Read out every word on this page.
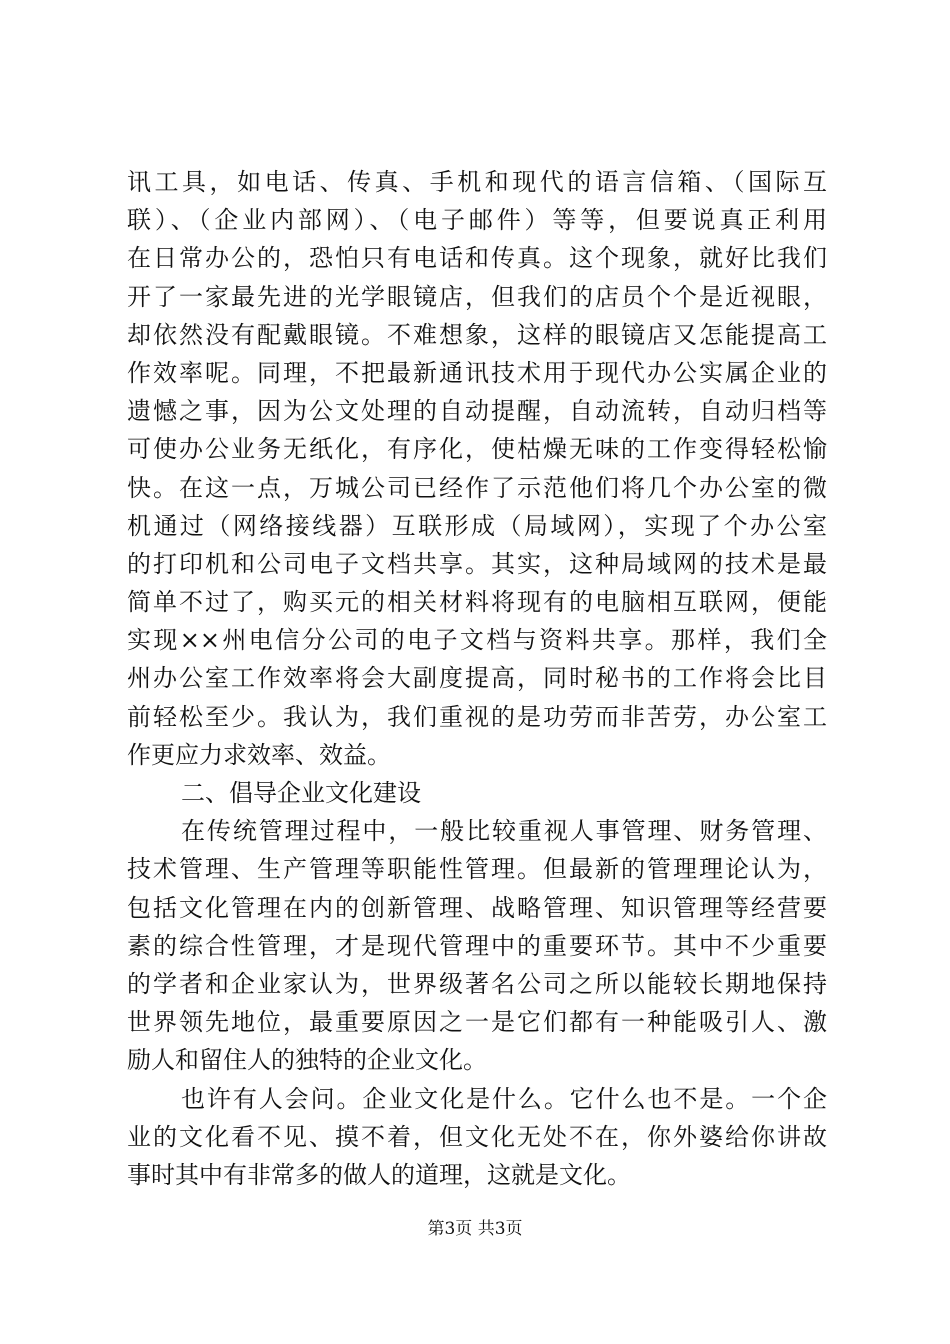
讯工具，如电话、传真、手机和现代的语言信箱、（国际互
联）、（企业内部网）、（电子邮件）等等，但要说真正利用
在日常办公的，恐怕只有电话和传真。这个现象，就好比我们
开了一家最先进的光学眼镜店，但我们的店员个个是近视眼，
却依然没有配戴眼镜。不难想象，这样的眼镜店又怎能提高工
作效率呢。同理，不把最新通讯技术用于现代办公实属企业的
遗憾之事，因为公文处理的自动提醒，自动流转，自动归档等
可使办公业务无纸化，有序化，使枯燥无味的工作变得轻松愉
快。在这一点，万城公司已经作了示范他们将几个办公室的微
机通过（网络接线器）互联形成（局域网），实现了个办公室
的打印机和公司电子文档共享。其实，这种局域网的技术是最
简单不过了，购买元的相关材料将现有的电脑相互联网，便能
实现××州电信分公司的电子文档与资料共享。那样，我们全
州办公室工作效率将会大副度提高，同时秘书的工作将会比目
前轻松至少。我认为，我们重视的是功劳而非苦劳，办公室工
作更应力求效率、效益。
二、倡导企业文化建设
在传统管理过程中，一般比较重视人事管理、财务管理、
技术管理、生产管理等职能性管理。但最新的管理理论认为，
包括文化管理在内的创新管理、战略管理、知识管理等经营要
素的综合性管理，才是现代管理中的重要环节。其中不少重要
的学者和企业家认为，世界级著名公司之所以能较长期地保持
世界领先地位，最重要原因之一是它们都有一种能吸引人、激
励人和留住人的独特的企业文化。
也许有人会问。企业文化是什么。它什么也不是。一个企
业的文化看不见、摸不着，但文化无处不在，你外婆给你讲故
事时其中有非常多的做人的道理，这就是文化。
第3页 共3页
